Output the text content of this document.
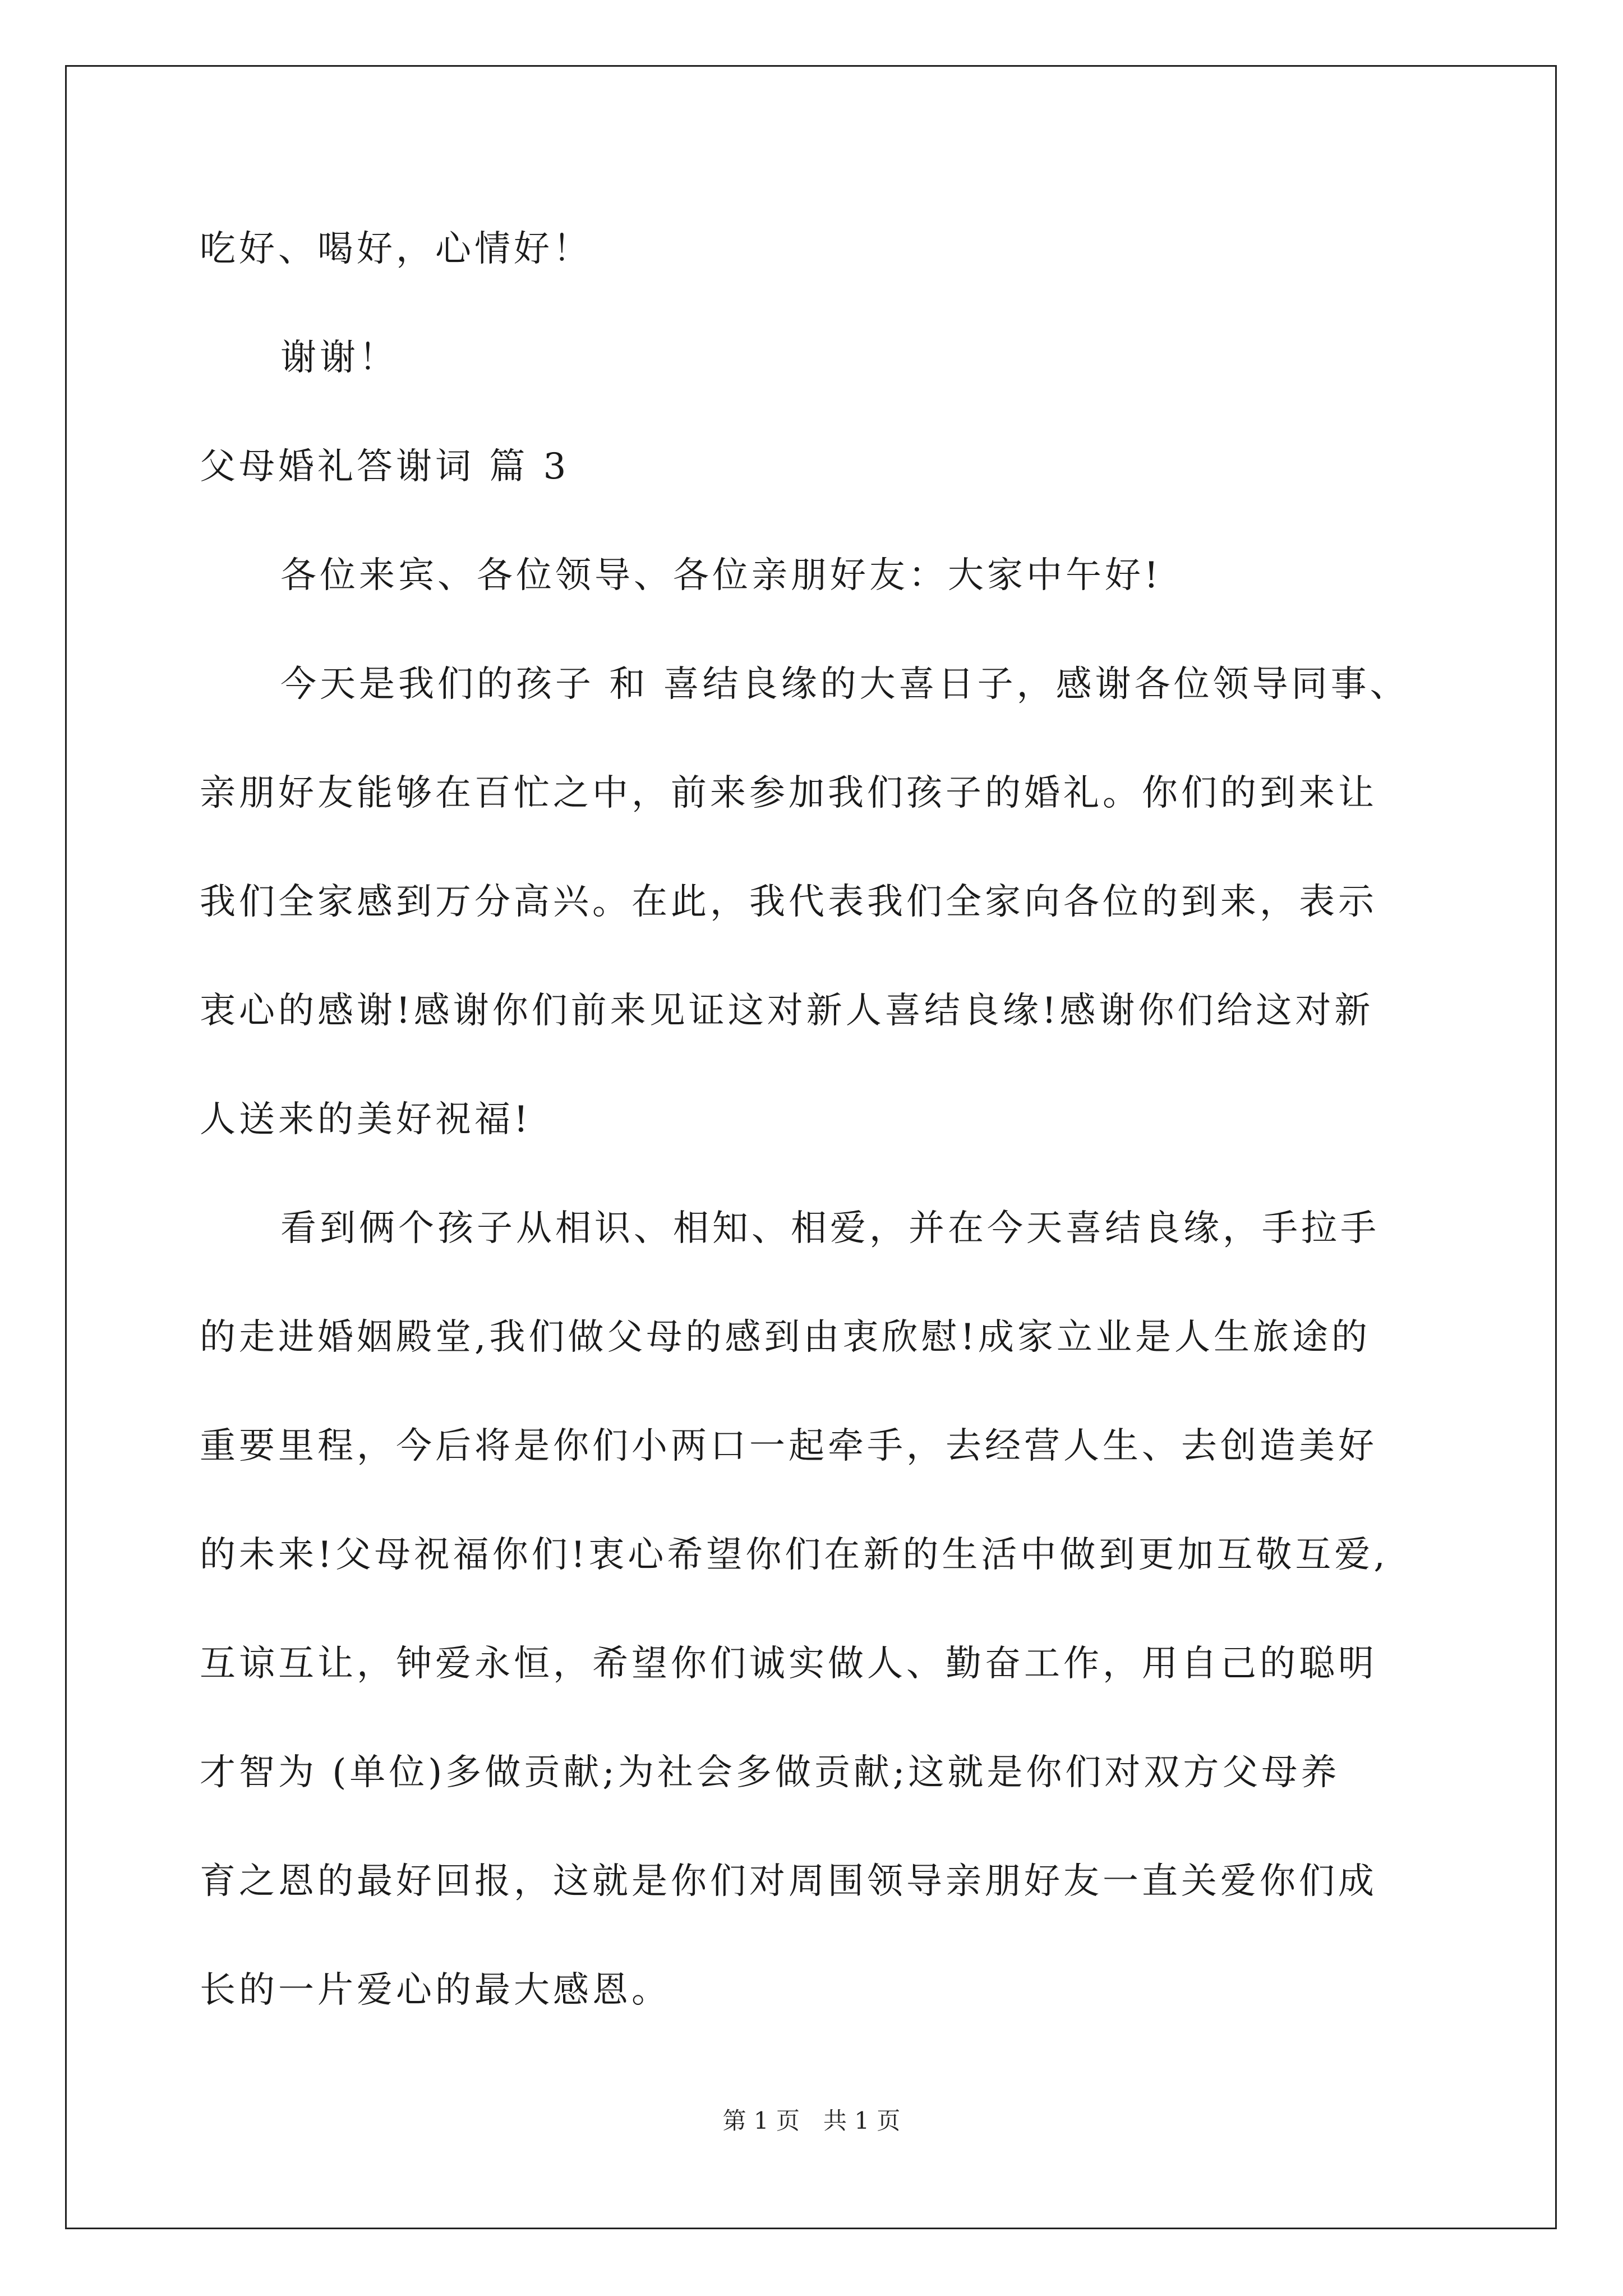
吃好、喝好，心情好！
谢谢！
父母婚礼答谢词 篇 3
各位来宾、各位领导、各位亲朋好友：大家中午好!
今天是我们的孩子 和 喜结良缘的大喜日子，感谢各位领导同事、
亲朋好友能够在百忙之中，前来参加我们孩子的婚礼。你们的到来让
我们全家感到万分高兴。在此，我代表我们全家向各位的到来，表示
衷心的感谢!感谢你们前来见证这对新人喜结良缘!感谢你们给这对新
人送来的美好祝福!
看到俩个孩子从相识、相知、相爱，并在今天喜结良缘，手拉手
的走进婚姻殿堂,我们做父母的感到由衷欣慰!成家立业是人生旅途的
重要里程，今后将是你们小两口一起牵手，去经营人生、去创造美好
的未来!父母祝福你们!衷心希望你们在新的生活中做到更加互敬互爱,
互谅互让，钟爱永恒，希望你们诚实做人、勤奋工作，用自己的聪明
才智为 (单位)多做贡献;为社会多做贡献;这就是你们对双方父母养
育之恩的最好回报，这就是你们对周围领导亲朋好友一直关爱你们成
长的一片爱心的最大感恩。
第 1 页　共 1 页
